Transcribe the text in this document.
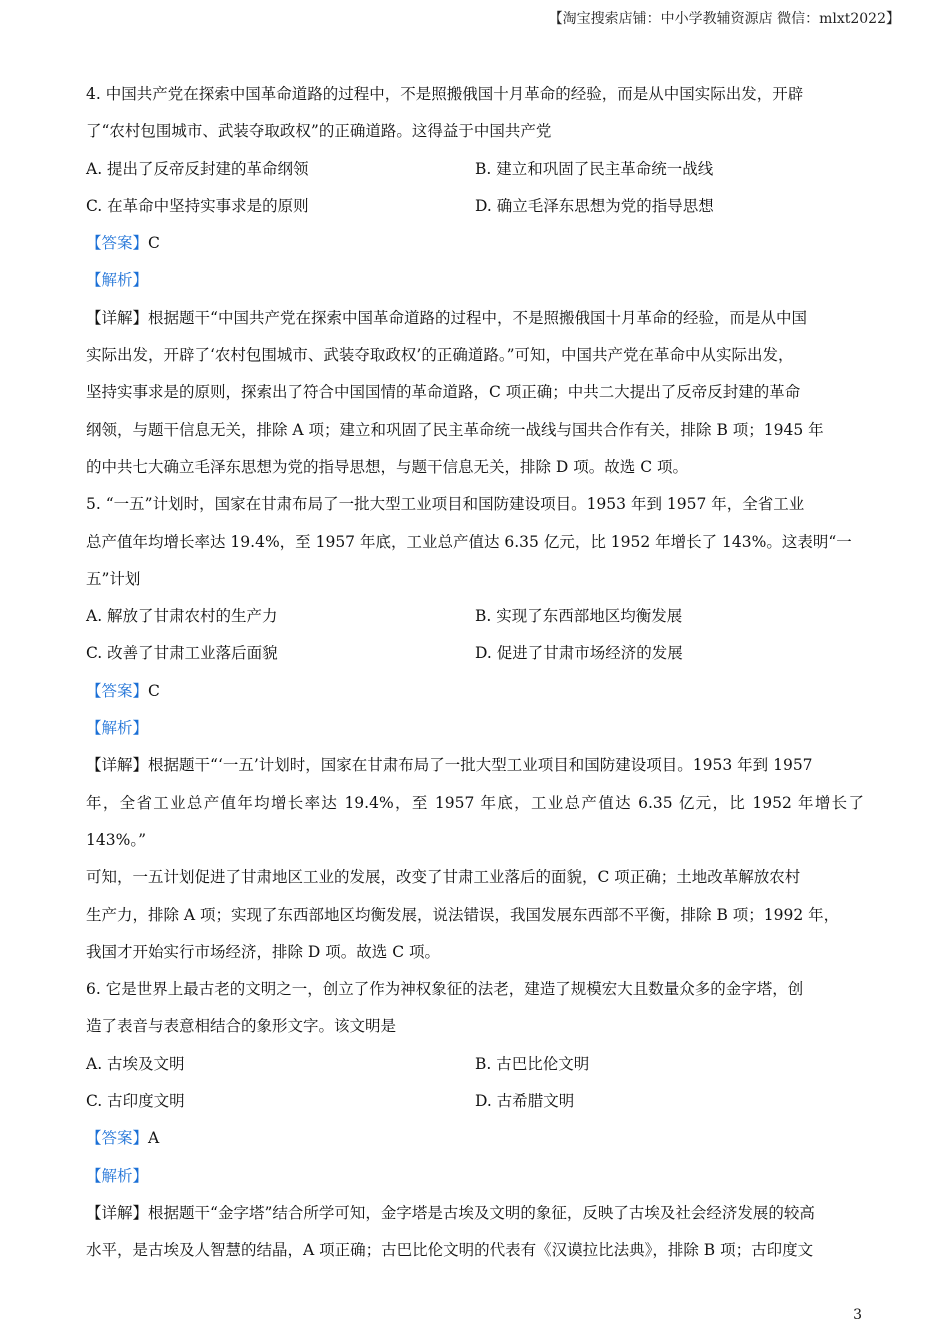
【淘宝搜索店铺：中小学教辅资源店 微信：mlxt2022】

4. 中国共产党在探索中国革命道路的过程中，不是照搬俄国十月革命的经验，而是从中国实际出发，开辟

了“农村包围城市、武装夺取政权”的正确道路。这得益于中国共产党

A. 提出了反帝反封建的革命纲领	B. 建立和巩固了民主革命统一战线
C. 在革命中坚持实事求是的原则	D. 确立毛泽东思想为党的指导思想

【答案】C

【解析】

【详解】根据题干“中国共产党在探索中国革命道路的过程中，不是照搬俄国十月革命的经验，而是从中国

实际出发，开辟了‘农村包围城市、武装夺取政权’的正确道路。”可知，中国共产党在革命中从实际出发，

坚持实事求是的原则，探索出了符合中国国情的革命道路，C 项正确；中共二大提出了反帝反封建的革命

纲领，与题干信息无关，排除 A 项；建立和巩固了民主革命统一战线与国共合作有关，排除 B 项；1945 年

的中共七大确立毛泽东思想为党的指导思想，与题干信息无关，排除 D 项。故选 C 项。

5. “一五”计划时，国家在甘肃布局了一批大型工业项目和国防建设项目。1953 年到 1957 年，全省工业

总产值年均增长率达 19.4%，至 1957 年底，工业总产值达 6.35 亿元，比 1952 年增长了 143%。这表明“一

五”计划

A. 解放了甘肃农村的生产力	B. 实现了东西部地区均衡发展
C. 改善了甘肃工业落后面貌	D. 促进了甘肃市场经济的发展

【答案】C

【解析】

【详解】根据题干“‘一五’计划时，国家在甘肃布局了一批大型工业项目和国防建设项目。1953 年到 1957

年，全省工业总产值年均增长率达 19.4%，至 1957 年底，工业总产值达 6.35 亿元，比 1952 年增长了 143%。”

可知，一五计划促进了甘肃地区工业的发展，改变了甘肃工业落后的面貌，C 项正确；土地改革解放农村

生产力，排除 A 项；实现了东西部地区均衡发展，说法错误，我国发展东西部不平衡，排除 B 项；1992 年，

我国才开始实行市场经济，排除 D 项。故选 C 项。

6. 它是世界上最古老的文明之一，创立了作为神权象征的法老，建造了规模宏大且数量众多的金字塔，创

造了表音与表意相结合的象形文字。该文明是

A. 古埃及文明	B. 古巴比伦文明
C. 古印度文明	D. 古希腊文明

【答案】A

【解析】

【详解】根据题干“金字塔”结合所学可知，金字塔是古埃及文明的象征，反映了古埃及社会经济发展的较高

水平，是古埃及人智慧的结晶，A 项正确；古巴比伦文明的代表有《汉谟拉比法典》，排除 B 项；古印度文

3
